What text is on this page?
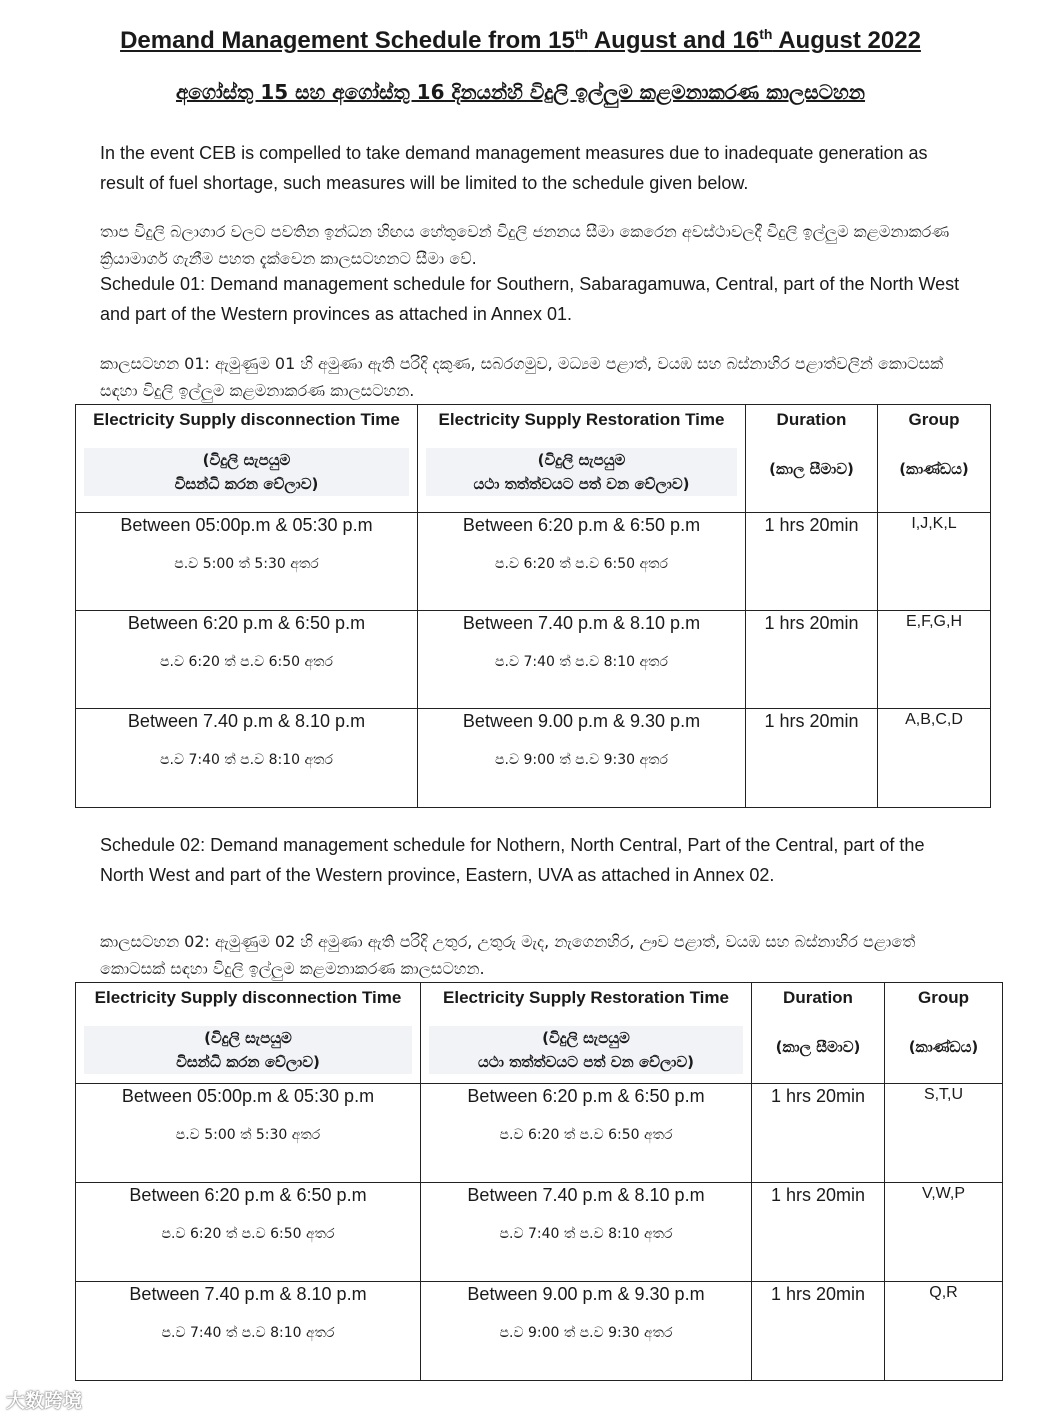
Demand Management Schedule from 15th August and 16th August 2022
අගෝස්තු 15 සහ අගෝස්තු 16 දිනයන්හි විදුලි ඉල්ලුම කළමනාකරණ කාලසටහන

In the event CEB is compelled to take demand management measures due to inadequate generation as result of fuel shortage, such measures will be limited to the schedule given below.

තාප විදුලි බලාගාර වලට පවතින ඉන්ධන හිඟය හේතුවෙන් විදුලි ජනනය සීමා කෙරෙන අවස්ථාවලදී විදුලි ඉල්ලුම කළමනාකරණ ක්‍රියාමාර්ග ගැනීම පහත දැක්වෙන කාලසටහනට සීමා වේ.

Schedule 01: Demand management schedule for Southern, Sabaragamuwa, Central, part of the North West and part of the Western provinces as attached in Annex 01.

කාලසටහන 01: ඇමුණුම 01 හි අමුණා ඇති පරිදි දකුණ, සබරගමුව, මධ්‍යම පළාත්, වයඹ සහ බස්නාහිර පළාත්වලින් කොටසක් සඳහා විදුලි ඉල්ලුම කළමනාකරණ කාලසටහන.

Electricity Supply disconnection Time
(විදුලි සැපයුම
විසන්ධි කරන වේලාව)	Electricity Supply Restoration Time
(විදුලි සැපයුම
යථා තත්ත්වයට පත් වන වේලාව)	Duration
(කාල සීමාව)	Group
(කාණ්ඩය)

Between 05:00p.m & 05:30 p.m
ප.ව 5:00 ත් 5:30 අතර	Between 6:20 p.m & 6:50 p.m
ප.ව 6:20 ත් ප.ව 6:50 අතර	1 hrs 20min	I,J,K,L

Between 6:20 p.m & 6:50 p.m
ප.ව 6:20 ත් ප.ව 6:50 අතර	Between 7.40 p.m & 8.10 p.m
ප.ව 7:40 ත් ප.ව 8:10 අතර	1 hrs 20min	E,F,G,H

Between 7.40 p.m & 8.10 p.m
ප.ව 7:40 ත් ප.ව 8:10 අතර	Between 9.00 p.m & 9.30 p.m
ප.ව 9:00 ත් ප.ව 9:30 අතර	1 hrs 20min	A,B,C,D

Schedule 02: Demand management schedule for Nothern, North Central, Part of the Central, part of the North West and part of the Western province, Eastern, UVA as attached in Annex 02.

කාලසටහන 02: ඇමුණුම 02 හි අමුණා ඇති පරිදි උතුර, උතුරු මැද, නැගෙනහිර, ඌව පළාත්, වයඹ සහ බස්නාහිර පළාතේ කොටසක් සඳහා විදුලි ඉල්ලුම කළමනාකරණ කාලසටහන.

Electricity Supply disconnection Time
(විදුලි සැපයුම
විසන්ධි කරන වේලාව)	Electricity Supply Restoration Time
(විදුලි සැපයුම
යථා තත්ත්වයට පත් වන වේලාව)	Duration
(කාල සීමාව)	Group
(කාණ්ඩය)

Between 05:00p.m & 05:30 p.m
ප.ව 5:00 ත් 5:30 අතර	Between 6:20 p.m & 6:50 p.m
ප.ව 6:20 ත් ප.ව 6:50 අතර	1 hrs 20min	S,T,U

Between 6:20 p.m & 6:50 p.m
ප.ව 6:20 ත් ප.ව 6:50 අතර	Between 7.40 p.m & 8.10 p.m
ප.ව 7:40 ත් ප.ව 8:10 අතර	1 hrs 20min	V,W,P

Between 7.40 p.m & 8.10 p.m
ප.ව 7:40 ත් ප.ව 8:10 අතර	Between 9.00 p.m & 9.30 p.m
ප.ව 9:00 ත් ප.ව 9:30 අතර	1 hrs 20min	Q,R
大数跨境
